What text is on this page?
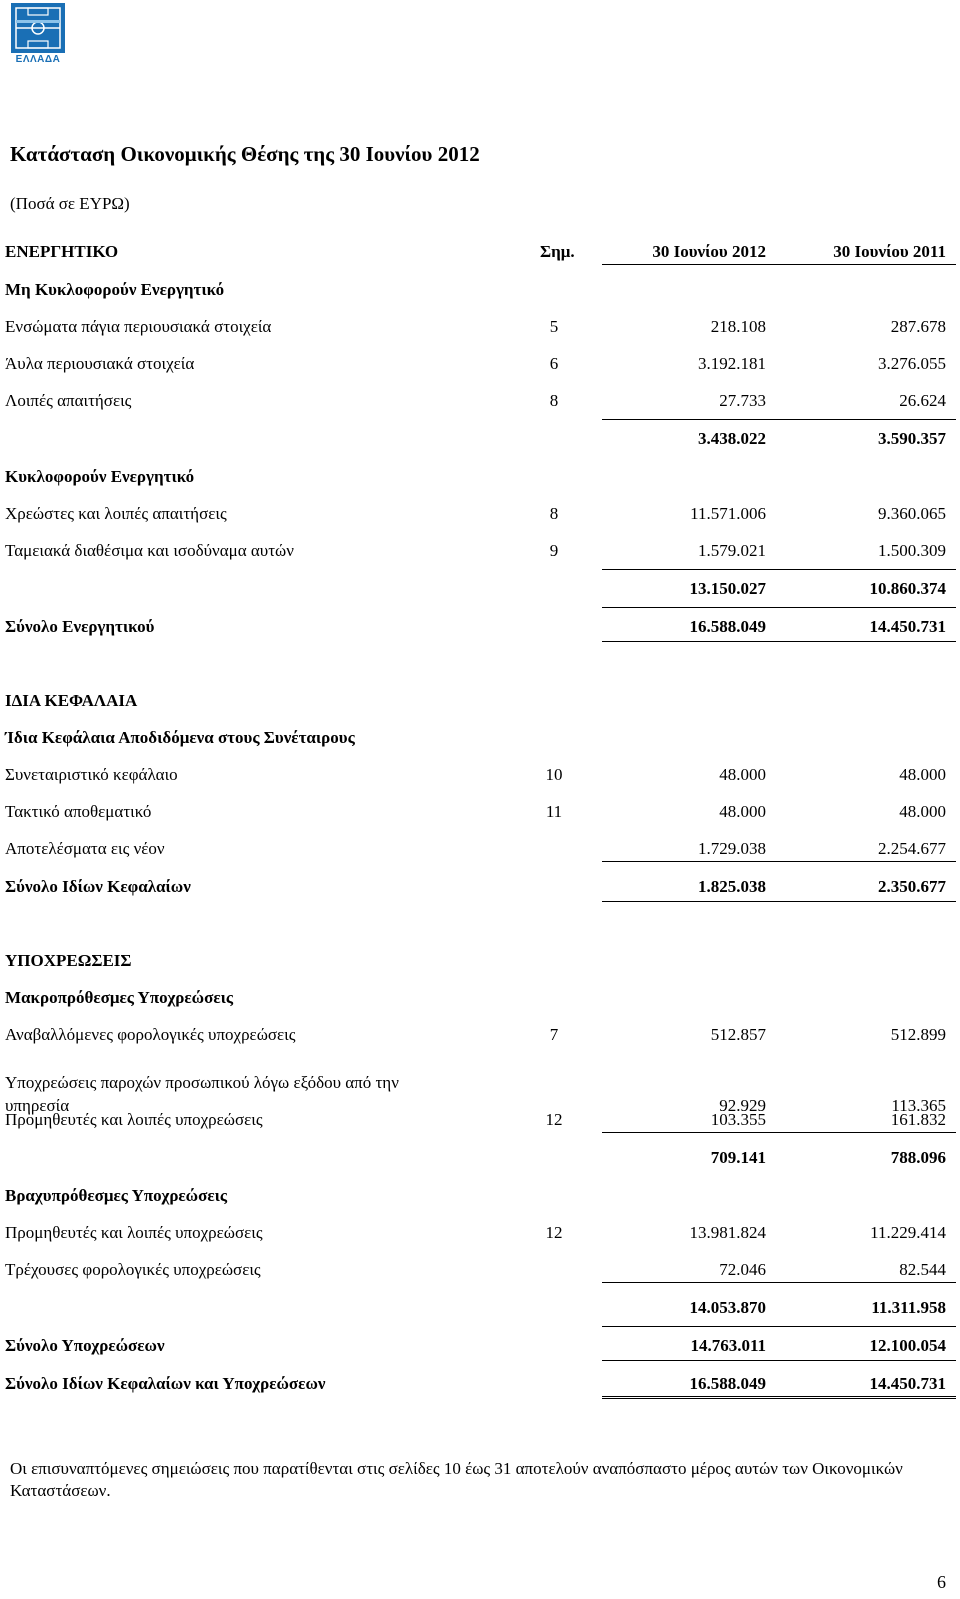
ΕΛΛΑΔΑ
Κατάσταση Οικονομικής Θέσης της 30 Ιουνίου 2012
(Ποσά σε ΕΥΡΩ)
ΕΝΕΡΓΗΤΙΚΟ	Σημ.	30 Ιουνίου 2012	30 Ιουνίου 2011
Μη Κυκλοφορούν Ενεργητικό
Ενσώματα πάγια περιουσιακά στοιχεία	5	218.108	287.678
Άυλα περιουσιακά στοιχεία	6	3.192.181	3.276.055
Λοιπές απαιτήσεις	8	27.733	26.624
3.438.022	3.590.357
Κυκλοφορούν Ενεργητικό
Χρεώστες και λοιπές απαιτήσεις	8	11.571.006	9.360.065
Ταμειακά διαθέσιμα και ισοδύναμα αυτών	9	1.579.021	1.500.309
13.150.027	10.860.374
Σύνολο Ενεργητικού	16.588.049	14.450.731
ΙΔΙΑ ΚΕΦΑΛΑΙΑ
Ίδια Κεφάλαια Αποδιδόμενα στους Συνέταιρους
Συνεταιριστικό κεφάλαιο	10	48.000	48.000
Τακτικό αποθεματικό	11	48.000	48.000
Αποτελέσματα εις νέον	1.729.038	2.254.677
Σύνολο Ιδίων Κεφαλαίων	1.825.038	2.350.677
ΥΠΟΧΡΕΩΣΕΙΣ
Μακροπρόθεσμες Υποχρεώσεις
Αναβαλλόμενες φορολογικές υποχρεώσεις	7	512.857	512.899
Υποχρεώσεις παροχών προσωπικού λόγω εξόδου από την
υπηρεσία	92.929	113.365
Προμηθευτές και λοιπές υποχρεώσεις	12	103.355	161.832
709.141	788.096
Βραχυπρόθεσμες Υποχρεώσεις
Προμηθευτές και λοιπές υποχρεώσεις	12	13.981.824	11.229.414
Τρέχουσες φορολογικές υποχρεώσεις	72.046	82.544
14.053.870	11.311.958
Σύνολο Υποχρεώσεων	14.763.011	12.100.054
Σύνολο Ιδίων Κεφαλαίων και Υποχρεώσεων	16.588.049	14.450.731
Οι επισυναπτόμενες σημειώσεις που παρατίθενται στις σελίδες 10 έως 31 αποτελούν αναπόσπαστο μέρος αυτών των Οικονομικών Καταστάσεων.
6
